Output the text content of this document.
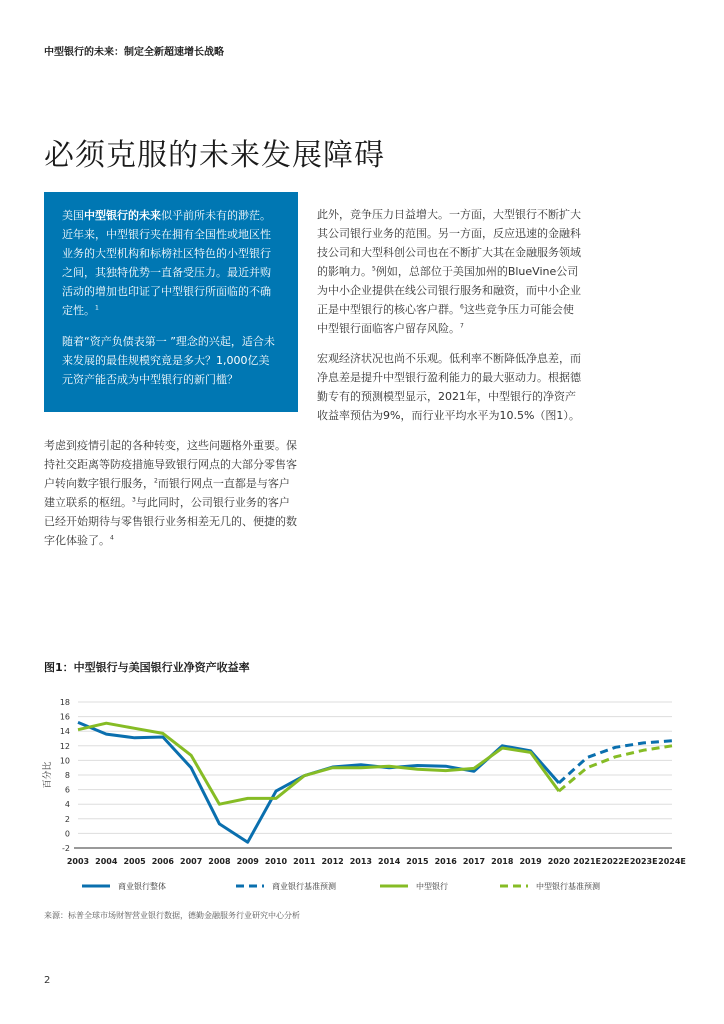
中型银行的未来：制定全新超速增长战略
必须克服的未来发展障碍

美国中型银行的未来似乎前所未有的渺茫。近年来，中型银行夹在拥有全国性或地区性业务的大型机构和标榜社区特色的小型银行之间，其独特优势一直备受压力。最近并购活动的增加也印证了中型银行所面临的不确定性。$^1$

随着“资产负债表第一 ”理念的兴起，适合未来发展的最佳规模究竟是多大？1,000亿美元资产能否成为中型银行的新门槛？

考虑到疫情引起的各种转变，这些问题格外重要。保持社交距离等防疫措施导致银行网点的大部分零售客户转向数字银行服务，$^2$而银行网点一直都是与客户建立联系的枢纽。$^3$与此同时，公司银行业务的客户已经开始期待与零售银行业务相差无几的、便捷的数字化体验了。$^4$

此外，竞争压力日益增大。一方面，大型银行不断扩大其公司银行业务的范围。另一方面，反应迅速的金融科技公司和大型科创公司也在不断扩大其在金融服务领域的影响力。$^5$例如，总部位于美国加州的BlueVine公司为中小企业提供在线公司银行服务和融资，而中小企业正是中型银行的核心客户群。$^6$这些竞争压力可能会使中型银行面临客户留存风险。$^7$

宏观经济状况也尚不乐观。低利率不断降低净息差，而净息差是提升中型银行盈利能力的最大驱动力。根据德勤专有的预测模型显示，2021年，中型银行的净资产收益率预估为9%，而行业平均水平为10.5%（图1）。

图1：中型银行与美国银行业净资产收益率
百分比
-2
0
2
4
6
8
10
12
14
16
18
2003 2004 2005 2006 2007 2008 2009 2010 2011 2012 2013 2014 2015 2016 2017 2018 2019 2020 2021E 2022E 2023E 2024E
商业银行整体	商业银行基准预测	中型银行	中型银行基准预测
来源：标普全球市场财智营业银行数据，德勤金融服务行业研究中心分析
2
